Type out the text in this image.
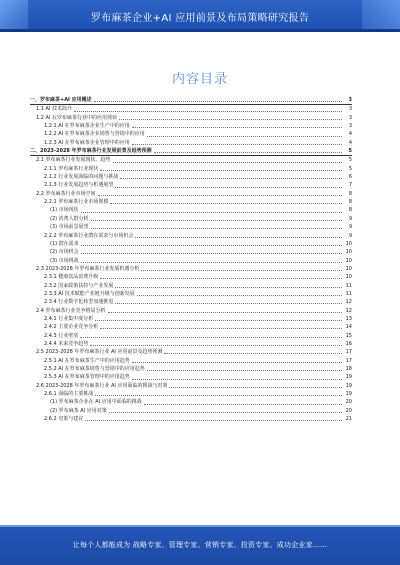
罗布麻茶企业+AI 应用前景及布局策略研究报告
内容目录
一、罗布麻茶+AI 应用概述	3
1.1 AI 技术简介	3
1.2 AI 在罗布麻茶行业中的应用现状	3
1.2.1 AI 在罗布麻茶企业生产中的应用	3
1.2.2 AI 在罗布麻茶企业销售与营销中的应用	4
1.2.3 AI 在罗布麻茶企业管理中的应用	4
二、2023-2028 年罗布麻茶行业发展前景及趋势预测	5
2.1 罗布麻茶行业发展现状、趋势	5
2.1.1 罗布麻茶行业现状	5
2.1.2 行业发展面临的问题与挑战	6
2.1.3 行业发展趋势与机遇展望	7
2.2 罗布麻茶行业市场空间	8
2.2.1 罗布麻茶行业市场规模	8
(1) 市场现状	8
(2) 消费人群分析	9
(3) 市场前景展望	9
2.2.2 罗布麻茶行业潜在需求与市场机会	9
(1) 潜在需求	10
(2) 市场机会	10
(3) 市场挑战	10
2.3 2023-2028 年罗布麻茶行业发展机遇分析	10
2.3.1 健康饮品消费升级	10
2.3.2 国家政策扶持与产业发展	11
2.3.3 AI 技术赋能产业链升级与创新发展	11
2.3.4 行业数字化转型加速推进	12
2.4 罗布麻茶行业竞争格局分析	12
2.4.1 行业集中度分析	13
2.4.2 主要企业竞争分析	14
2.4.3 行业壁垒	15
2.4.4 未来竞争趋势	16
2.5 2023-2028 年罗布麻茶行业 AI 应用前景及趋势预测	17
2.5.1 AI 在罗布麻茶生产中的应用趋势	17
2.5.2 AI 在罗布麻茶销售与营销中的应用趋势	18
2.5.3 AI 在罗布麻茶管理中的应用趋势	19
2.6 2023-2028 年罗布麻茶行业 AI 应用面临的挑战与对策	19
2.6.1 面临的主要挑战	19
(1) 罗布麻茶企业在 AI 应用中面临的挑战	20
(2) 罗布麻茶 AI 应用对策	20
2.6.2 对策与建议	21
让每个人都能成为 战略专家、管理专家、营销专家、投资专家、成功企业家……
